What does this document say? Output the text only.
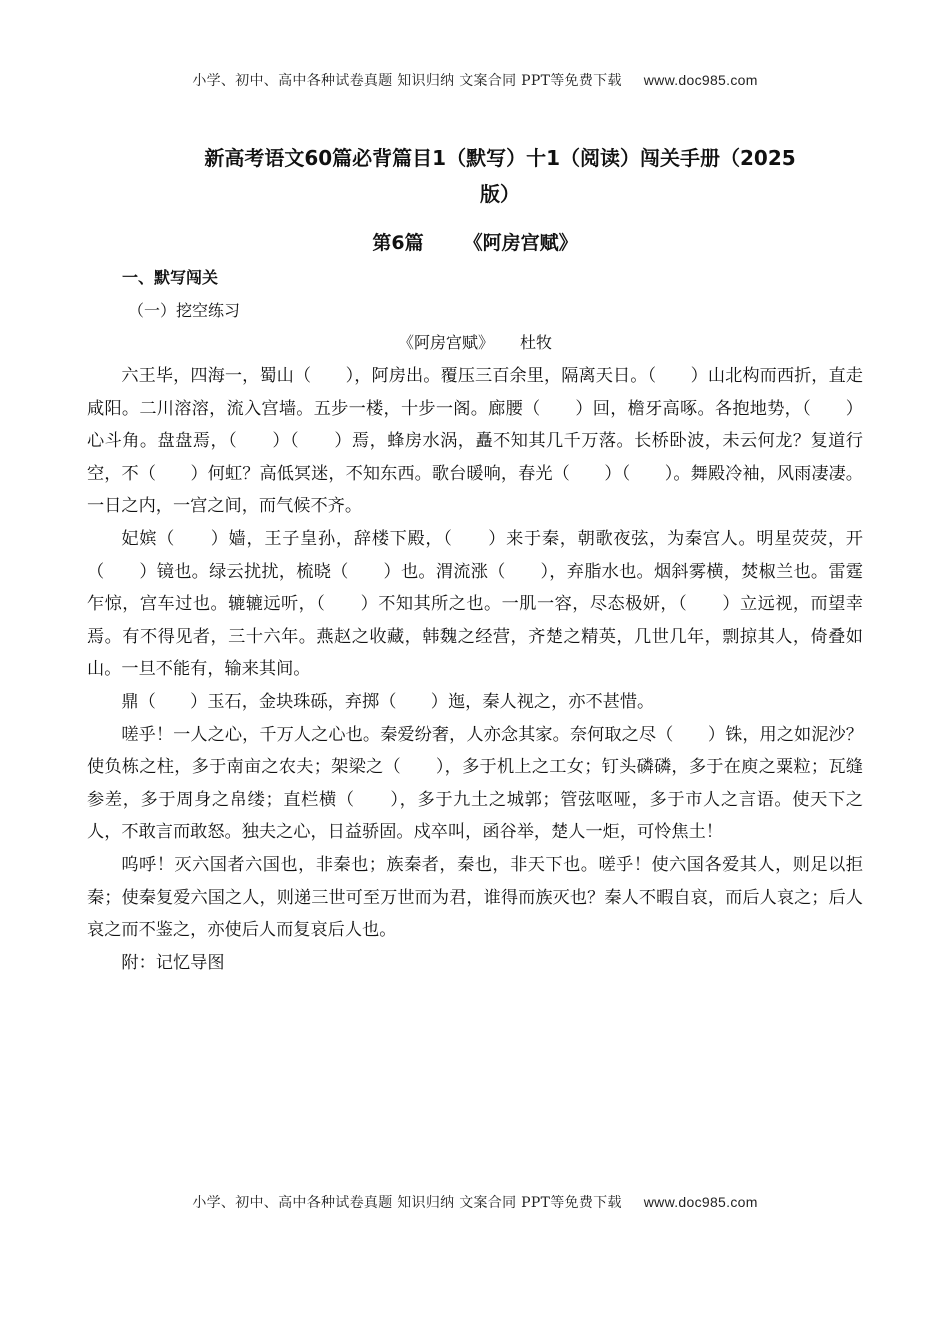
小学、初中、高中各种试卷真题 知识归纳 文案合同 PPT等免费下载 www.doc985.com
新高考语文60篇必背篇目1（默写）十1（阅读）闯关手册（2025
版）
第6篇 《阿房宫赋》
一、默写闯关
（一）挖空练习
《阿房宫赋》 杜牧

六王毕，四海一，蜀山（　　），阿房出。覆压三百余里，隔离天日。（　　）山北构而西折，直走咸阳。二川溶溶，流入宫墙。五步一楼，十步一阁。廊腰（　　）回，檐牙高啄。各抱地势，（　　）心斗角。盘盘焉，（　　）（　　）焉，蜂房水涡，矗不知其几千万落。长桥卧波，未云何龙？复道行空，不（　　）何虹？高低冥迷，不知东西。歌台暖响，春光（　　）（　　）。舞殿冷袖，风雨凄凄。一日之内，一宫之间，而气候不齐。

妃嫔（　　）嫱，王子皇孙，辞楼下殿，（　　）来于秦，朝歌夜弦，为秦宫人。明星荧荧，开（　　）镜也。绿云扰扰，梳晓（　　）也。渭流涨（　　），弃脂水也。烟斜雾横，焚椒兰也。雷霆乍惊，宫车过也。辘辘远听，（　　）不知其所之也。一肌一容，尽态极妍，（　　）立远视，而望幸焉。有不得见者，三十六年。燕赵之收藏，韩魏之经营，齐楚之精英，几世几年，剽掠其人，倚叠如山。一旦不能有，输来其间。

鼎（　　）玉石，金块珠砾，弃掷（　　）迤，秦人视之，亦不甚惜。

嗟乎！一人之心，千万人之心也。秦爱纷奢，人亦念其家。奈何取之尽（　　）铢，用之如泥沙？使负栋之柱，多于南亩之农夫；架梁之（　　），多于机上之工女；钉头磷磷，多于在庾之粟粒；瓦缝参差，多于周身之帛缕；直栏横（　　），多于九土之城郭；管弦呕哑，多于市人之言语。使天下之人，不敢言而敢怒。独夫之心，日益骄固。戍卒叫，函谷举，楚人一炬，可怜焦土！

呜呼！灭六国者六国也，非秦也；族秦者，秦也，非天下也。嗟乎！使六国各爱其人，则足以拒秦；使秦复爱六国之人，则递三世可至万世而为君，谁得而族灭也？秦人不暇自哀，而后人哀之；后人哀之而不鉴之，亦使后人而复哀后人也。

附：记忆导图

小学、初中、高中各种试卷真题 知识归纳 文案合同 PPT等免费下载 www.doc985.com
